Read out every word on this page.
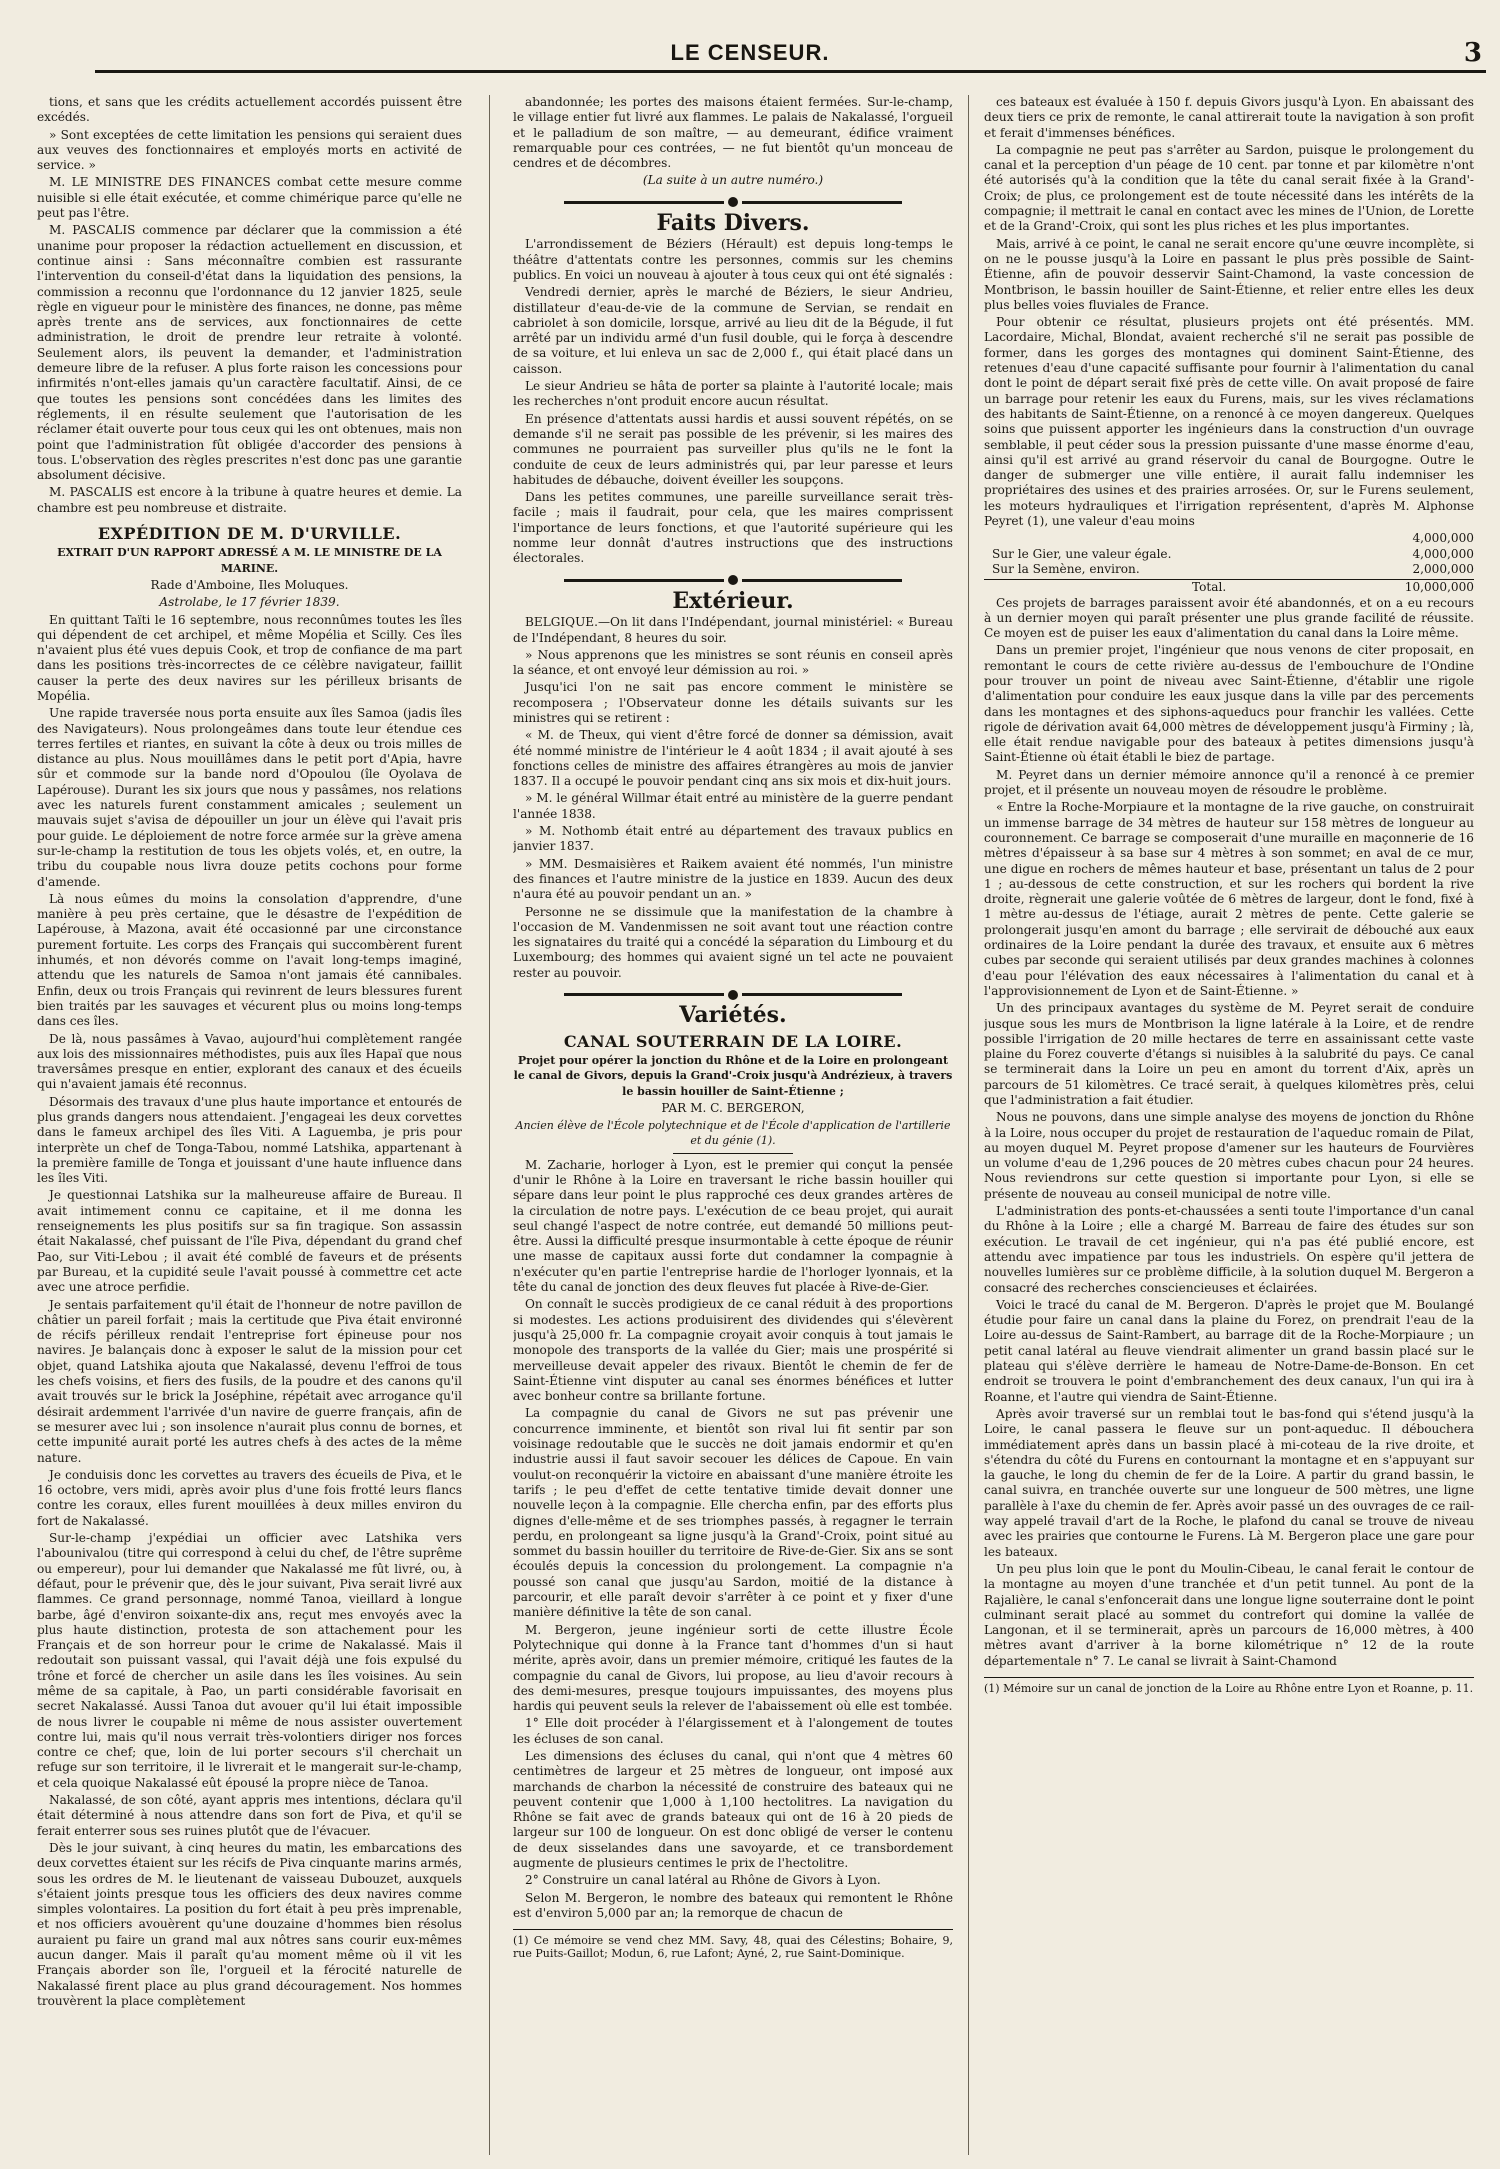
LE CENSEUR.	3

tions, et sans que les crédits actuellement accordés puissent être excédés.

» Sont exceptées de cette limitation les pensions qui seraient dues aux veuves des fonctionnaires et employés morts en activité de service. »

M. LE MINISTRE DES FINANCES combat cette mesure comme nuisible si elle était exécutée, et comme chimérique parce qu'elle ne peut pas l'être.

M. PASCALIS commence par déclarer que la commission a été unanime pour proposer la rédaction actuellement en discussion, et continue ainsi : Sans méconnaître combien est rassurante l'intervention du conseil-d'état dans la liquidation des pensions, la commission a reconnu que l'ordonnance du 12 janvier 1825, seule règle en vigueur pour le ministère des finances, ne donne, pas même après trente ans de services, aux fonctionnaires de cette administration, le droit de prendre leur retraite à volonté. Seulement alors, ils peuvent la demander, et l'administration demeure libre de la refuser. A plus forte raison les concessions pour infirmités n'ont-elles jamais qu'un caractère facultatif. Ainsi, de ce que toutes les pensions sont concédées dans les limites des réglements, il en résulte seulement que l'autorisation de les réclamer était ouverte pour tous ceux qui les ont obtenues, mais non point que l'administration fût obligée d'accorder des pensions à tous. L'observation des règles prescrites n'est donc pas une garantie absolument décisive.

M. PASCALIS est encore à la tribune à quatre heures et demie. La chambre est peu nombreuse et distraite.

EXPÉDITION DE M. D'URVILLE.
EXTRAIT D'UN RAPPORT ADRESSÉ A M. LE MINISTRE DE LA MARINE.

Rade d'Amboine, Iles Moluques.

Astrolabe, le 17 février 1839.

En quittant Taïti le 16 septembre, nous reconnûmes toutes les îles qui dépendent de cet archipel, et même Mopélia et Scilly. Ces îles n'avaient plus été vues depuis Cook, et trop de confiance de ma part dans les positions très-incorrectes de ce célèbre navigateur, faillit causer la perte des deux navires sur les périlleux brisants de Mopélia.

Une rapide traversée nous porta ensuite aux îles Samoa (jadis îles des Navigateurs). Nous prolongeâmes dans toute leur étendue ces terres fertiles et riantes, en suivant la côte à deux ou trois milles de distance au plus. Nous mouillâmes dans le petit port d'Apia, havre sûr et commode sur la bande nord d'Opoulou (île Oyolava de Lapérouse). Durant les six jours que nous y passâmes, nos relations avec les naturels furent constamment amicales ; seulement un mauvais sujet s'avisa de dépouiller un jour un élève qui l'avait pris pour guide. Le déploiement de notre force armée sur la grève amena sur-le-champ la restitution de tous les objets volés, et, en outre, la tribu du coupable nous livra douze petits cochons pour forme d'amende.

Là nous eûmes du moins la consolation d'apprendre, d'une manière à peu près certaine, que le désastre de l'expédition de Lapérouse, à Mazona, avait été occasionné par une circonstance purement fortuite. Les corps des Français qui succombèrent furent inhumés, et non dévorés comme on l'avait long-temps imaginé, attendu que les naturels de Samoa n'ont jamais été cannibales. Enfin, deux ou trois Français qui revinrent de leurs blessures furent bien traités par les sauvages et vécurent plus ou moins long-temps dans ces îles.

De là, nous passâmes à Vavao, aujourd'hui complètement rangée aux lois des missionnaires méthodistes, puis aux îles Hapaï que nous traversâmes presque en entier, explorant des canaux et des écueils qui n'avaient jamais été reconnus.

Désormais des travaux d'une plus haute importance et entourés de plus grands dangers nous attendaient. J'engageai les deux corvettes dans le fameux archipel des îles Viti. A Laguemba, je pris pour interprète un chef de Tonga-Tabou, nommé Latshika, appartenant à la première famille de Tonga et jouissant d'une haute influence dans les îles Viti.

Je questionnai Latshika sur la malheureuse affaire de Bureau. Il avait intimement connu ce capitaine, et il me donna les renseignements les plus positifs sur sa fin tragique. Son assassin était Nakalassé, chef puissant de l'île Piva, dépendant du grand chef Pao, sur Viti-Lebou ; il avait été comblé de faveurs et de présents par Bureau, et la cupidité seule l'avait poussé à commettre cet acte avec une atroce perfidie.

Je sentais parfaitement qu'il était de l'honneur de notre pavillon de châtier un pareil forfait ; mais la certitude que Piva était environné de récifs périlleux rendait l'entreprise fort épineuse pour nos navires. Je balançais donc à exposer le salut de la mission pour cet objet, quand Latshika ajouta que Nakalassé, devenu l'effroi de tous les chefs voisins, et fiers des fusils, de la poudre et des canons qu'il avait trouvés sur le brick la Joséphine, répétait avec arrogance qu'il désirait ardemment l'arrivée d'un navire de guerre français, afin de se mesurer avec lui ; son insolence n'aurait plus connu de bornes, et cette impunité aurait porté les autres chefs à des actes de la même nature.

Je conduisis donc les corvettes au travers des écueils de Piva, et le 16 octobre, vers midi, après avoir plus d'une fois frotté leurs flancs contre les coraux, elles furent mouillées à deux milles environ du fort de Nakalassé.

Sur-le-champ j'expédiai un officier avec Latshika vers l'abounivalou (titre qui correspond à celui du chef, de l'être suprême ou empereur), pour lui demander que Nakalassé me fût livré, ou, à défaut, pour le prévenir que, dès le jour suivant, Piva serait livré aux flammes. Ce grand personnage, nommé Tanoa, vieillard à longue barbe, âgé d'environ soixante-dix ans, reçut mes envoyés avec la plus haute distinction, protesta de son attachement pour les Français et de son horreur pour le crime de Nakalassé. Mais il redoutait son puissant vassal, qui l'avait déjà une fois expulsé du trône et forcé de chercher un asile dans les îles voisines. Au sein même de sa capitale, à Pao, un parti considérable favorisait en secret Nakalassé. Aussi Tanoa dut avouer qu'il lui était impossible de nous livrer le coupable ni même de nous assister ouvertement contre lui, mais qu'il nous verrait très-volontiers diriger nos forces contre ce chef; que, loin de lui porter secours s'il cherchait un refuge sur son territoire, il le livrerait et le mangerait sur-le-champ, et cela quoique Nakalassé eût épousé la propre nièce de Tanoa.

Nakalassé, de son côté, ayant appris mes intentions, déclara qu'il était déterminé à nous attendre dans son fort de Piva, et qu'il se ferait enterrer sous ses ruines plutôt que de l'évacuer.

Dès le jour suivant, à cinq heures du matin, les embarcations des deux corvettes étaient sur les récifs de Piva cinquante marins armés, sous les ordres de M. le lieutenant de vaisseau Dubouzet, auxquels s'étaient joints presque tous les officiers des deux navires comme simples volontaires. La position du fort était à peu près imprenable, et nos officiers avouèrent qu'une douzaine d'hommes bien résolus auraient pu faire un grand mal aux nôtres sans courir eux-mêmes aucun danger. Mais il paraît qu'au moment même où il vit les Français aborder son île, l'orgueil et la férocité naturelle de Nakalassé firent place au plus grand découragement. Nos hommes trouvèrent la place complètement

abandonnée; les portes des maisons étaient fermées. Sur-le-champ, le village entier fut livré aux flammes. Le palais de Nakalassé, l'orgueil et le palladium de son maître, — au demeurant, édifice vraiment remarquable pour ces contrées, — ne fut bientôt qu'un monceau de cendres et de décombres.

(La suite à un autre numéro.)

Faits Divers.

L'arrondissement de Béziers (Hérault) est depuis long-temps le théâtre d'attentats contre les personnes, commis sur les chemins publics. En voici un nouveau à ajouter à tous ceux qui ont été signalés :

Vendredi dernier, après le marché de Béziers, le sieur Andrieu, distillateur d'eau-de-vie de la commune de Servian, se rendait en cabriolet à son domicile, lorsque, arrivé au lieu dit de la Bégude, il fut arrêté par un individu armé d'un fusil double, qui le força à descendre de sa voiture, et lui enleva un sac de 2,000 f., qui était placé dans un caisson.

Le sieur Andrieu se hâta de porter sa plainte à l'autorité locale; mais les recherches n'ont produit encore aucun résultat.

En présence d'attentats aussi hardis et aussi souvent répétés, on se demande s'il ne serait pas possible de les prévenir, si les maires des communes ne pourraient pas surveiller plus qu'ils ne le font la conduite de ceux de leurs administrés qui, par leur paresse et leurs habitudes de débauche, doivent éveiller les soupçons.

Dans les petites communes, une pareille surveillance serait très-facile ; mais il faudrait, pour cela, que les maires comprissent l'importance de leurs fonctions, et que l'autorité supérieure qui les nomme leur donnât d'autres instructions que des instructions électorales.

Extérieur.

BELGIQUE.—On lit dans l'Indépendant, journal ministériel: « Bureau de l'Indépendant, 8 heures du soir.

» Nous apprenons que les ministres se sont réunis en conseil après la séance, et ont envoyé leur démission au roi. »

Jusqu'ici l'on ne sait pas encore comment le ministère se recomposera ; l'Observateur donne les détails suivants sur les ministres qui se retirent :

« M. de Theux, qui vient d'être forcé de donner sa démission, avait été nommé ministre de l'intérieur le 4 août 1834 ; il avait ajouté à ses fonctions celles de ministre des affaires étrangères au mois de janvier 1837. Il a occupé le pouvoir pendant cinq ans six mois et dix-huit jours.

» M. le général Willmar était entré au ministère de la guerre pendant l'année 1838.

» M. Nothomb était entré au département des travaux publics en janvier 1837.

» MM. Desmaisières et Raikem avaient été nommés, l'un ministre des finances et l'autre ministre de la justice en 1839. Aucun des deux n'aura été au pouvoir pendant un an. »

Personne ne se dissimule que la manifestation de la chambre à l'occasion de M. Vandenmissen ne soit avant tout une réaction contre les signataires du traité qui a concédé la séparation du Limbourg et du Luxembourg; des hommes qui avaient signé un tel acte ne pouvaient rester au pouvoir.

Variétés.
CANAL SOUTERRAIN DE LA LOIRE.
Projet pour opérer la jonction du Rhône et de la Loire en prolongeant le canal de Givors, depuis la Grand'-Croix jusqu'à Andrézieux, à travers le bassin houiller de Saint-Étienne ;

PAR M. C. BERGERON,

Ancien élève de l'École polytechnique et de l'École d'application de l'artillerie et du génie (1).

M. Zacharie, horloger à Lyon, est le premier qui conçut la pensée d'unir le Rhône à la Loire en traversant le riche bassin houiller qui sépare dans leur point le plus rapproché ces deux grandes artères de la circulation de notre pays. L'exécution de ce beau projet, qui aurait seul changé l'aspect de notre contrée, eut demandé 50 millions peut-être. Aussi la difficulté presque insurmontable à cette époque de réunir une masse de capitaux aussi forte dut condamner la compagnie à n'exécuter qu'en partie l'entreprise hardie de l'horloger lyonnais, et la tête du canal de jonction des deux fleuves fut placée à Rive-de-Gier.

On connaît le succès prodigieux de ce canal réduit à des proportions si modestes. Les actions produisirent des dividendes qui s'élevèrent jusqu'à 25,000 fr. La compagnie croyait avoir conquis à tout jamais le monopole des transports de la vallée du Gier; mais une prospérité si merveilleuse devait appeler des rivaux. Bientôt le chemin de fer de Saint-Étienne vint disputer au canal ses énormes bénéfices et lutter avec bonheur contre sa brillante fortune.

La compagnie du canal de Givors ne sut pas prévenir une concurrence imminente, et bientôt son rival lui fit sentir par son voisinage redoutable que le succès ne doit jamais endormir et qu'en industrie aussi il faut savoir secouer les délices de Capoue. En vain voulut-on reconquérir la victoire en abaissant d'une manière étroite les tarifs ; le peu d'effet de cette tentative timide devait donner une nouvelle leçon à la compagnie. Elle chercha enfin, par des efforts plus dignes d'elle-même et de ses triomphes passés, à regagner le terrain perdu, en prolongeant sa ligne jusqu'à la Grand'-Croix, point situé au sommet du bassin houiller du territoire de Rive-de-Gier. Six ans se sont écoulés depuis la concession du prolongement. La compagnie n'a poussé son canal que jusqu'au Sardon, moitié de la distance à parcourir, et elle paraît devoir s'arrêter à ce point et y fixer d'une manière définitive la tête de son canal.

M. Bergeron, jeune ingénieur sorti de cette illustre École Polytechnique qui donne à la France tant d'hommes d'un si haut mérite, après avoir, dans un premier mémoire, critiqué les fautes de la compagnie du canal de Givors, lui propose, au lieu d'avoir recours à des demi-mesures, presque toujours impuissantes, des moyens plus hardis qui peuvent seuls la relever de l'abaissement où elle est tombée.

1° Elle doit procéder à l'élargissement et à l'alongement de toutes les écluses de son canal.

Les dimensions des écluses du canal, qui n'ont que 4 mètres 60 centimètres de largeur et 25 mètres de longueur, ont imposé aux marchands de charbon la nécessité de construire des bateaux qui ne peuvent contenir que 1,000 à 1,100 hectolitres. La navigation du Rhône se fait avec de grands bateaux qui ont de 16 à 20 pieds de largeur sur 100 de longueur. On est donc obligé de verser le contenu de deux sisselandes dans une savoyarde, et ce transbordement augmente de plusieurs centimes le prix de l'hectolitre.

2° Construire un canal latéral au Rhône de Givors à Lyon.

Selon M. Bergeron, le nombre des bateaux qui remontent le Rhône est d'environ 5,000 par an; la remorque de chacun de

(1) Ce mémoire se vend chez MM. Savy, 48, quai des Célestins; Bohaire, 9, rue Puits-Gaillot; Modun, 6, rue Lafont; Ayné, 2, rue Saint-Dominique.

ces bateaux est évaluée à 150 f. depuis Givors jusqu'à Lyon. En abaissant des deux tiers ce prix de remonte, le canal attirerait toute la navigation à son profit et ferait d'immenses bénéfices.

La compagnie ne peut pas s'arrêter au Sardon, puisque le prolongement du canal et la perception d'un péage de 10 cent. par tonne et par kilomètre n'ont été autorisés qu'à la condition que la tête du canal serait fixée à la Grand'-Croix; de plus, ce prolongement est de toute nécessité dans les intérêts de la compagnie; il mettrait le canal en contact avec les mines de l'Union, de Lorette et de la Grand'-Croix, qui sont les plus riches et les plus importantes.

Mais, arrivé à ce point, le canal ne serait encore qu'une œuvre incomplète, si on ne le pousse jusqu'à la Loire en passant le plus près possible de Saint-Étienne, afin de pouvoir desservir Saint-Chamond, la vaste concession de Montbrison, le bassin houiller de Saint-Étienne, et relier entre elles les deux plus belles voies fluviales de France.

Pour obtenir ce résultat, plusieurs projets ont été présentés. MM. Lacordaire, Michal, Blondat, avaient recherché s'il ne serait pas possible de former, dans les gorges des montagnes qui dominent Saint-Étienne, des retenues d'eau d'une capacité suffisante pour fournir à l'alimentation du canal dont le point de départ serait fixé près de cette ville. On avait proposé de faire un barrage pour retenir les eaux du Furens, mais, sur les vives réclamations des habitants de Saint-Étienne, on a renoncé à ce moyen dangereux. Quelques soins que puissent apporter les ingénieurs dans la construction d'un ouvrage semblable, il peut céder sous la pression puissante d'une masse énorme d'eau, ainsi qu'il est arrivé au grand réservoir du canal de Bourgogne. Outre le danger de submerger une ville entière, il aurait fallu indemniser les propriétaires des usines et des prairies arrosées. Or, sur le Furens seulement, les moteurs hydrauliques et l'irrigation représentent, d'après M. Alphonse Peyret (1), une valeur d'eau moins

4,000,000
Sur le Gier, une valeur égale.	4,000,000
Sur la Semène, environ.	2,000,000
Total.	10,000,000

Ces projets de barrages paraissent avoir été abandonnés, et on a eu recours à un dernier moyen qui paraît présenter une plus grande facilité de réussite. Ce moyen est de puiser les eaux d'alimentation du canal dans la Loire même.

Dans un premier projet, l'ingénieur que nous venons de citer proposait, en remontant le cours de cette rivière au-dessus de l'embouchure de l'Ondine pour trouver un point de niveau avec Saint-Étienne, d'établir une rigole d'alimentation pour conduire les eaux jusque dans la ville par des percements dans les montagnes et des siphons-aqueducs pour franchir les vallées. Cette rigole de dérivation avait 64,000 mètres de développement jusqu'à Firminy ; là, elle était rendue navigable pour des bateaux à petites dimensions jusqu'à Saint-Étienne où était établi le biez de partage.

M. Peyret dans un dernier mémoire annonce qu'il a renoncé à ce premier projet, et il présente un nouveau moyen de résoudre le problème.

« Entre la Roche-Morpiaure et la montagne de la rive gauche, on construirait un immense barrage de 34 mètres de hauteur sur 158 mètres de longueur au couronnement. Ce barrage se composerait d'une muraille en maçonnerie de 16 mètres d'épaisseur à sa base sur 4 mètres à son sommet; en aval de ce mur, une digue en rochers de mêmes hauteur et base, présentant un talus de 2 pour 1 ; au-dessous de cette construction, et sur les rochers qui bordent la rive droite, règnerait une galerie voûtée de 6 mètres de largeur, dont le fond, fixé à 1 mètre au-dessus de l'étiage, aurait 2 mètres de pente. Cette galerie se prolongerait jusqu'en amont du barrage ; elle servirait de débouché aux eaux ordinaires de la Loire pendant la durée des travaux, et ensuite aux 6 mètres cubes par seconde qui seraient utilisés par deux grandes machines à colonnes d'eau pour l'élévation des eaux nécessaires à l'alimentation du canal et à l'approvisionnement de Lyon et de Saint-Étienne. »

Un des principaux avantages du système de M. Peyret serait de conduire jusque sous les murs de Montbrison la ligne latérale à la Loire, et de rendre possible l'irrigation de 20 mille hectares de terre en assainissant cette vaste plaine du Forez couverte d'étangs si nuisibles à la salubrité du pays. Ce canal se terminerait dans la Loire un peu en amont du torrent d'Aix, après un parcours de 51 kilomètres. Ce tracé serait, à quelques kilomètres près, celui que l'administration a fait étudier.

Nous ne pouvons, dans une simple analyse des moyens de jonction du Rhône à la Loire, nous occuper du projet de restauration de l'aqueduc romain de Pilat, au moyen duquel M. Peyret propose d'amener sur les hauteurs de Fourvières un volume d'eau de 1,296 pouces de 20 mètres cubes chacun pour 24 heures. Nous reviendrons sur cette question si importante pour Lyon, si elle se présente de nouveau au conseil municipal de notre ville.

L'administration des ponts-et-chaussées a senti toute l'importance d'un canal du Rhône à la Loire ; elle a chargé M. Barreau de faire des études sur son exécution. Le travail de cet ingénieur, qui n'a pas été publié encore, est attendu avec impatience par tous les industriels. On espère qu'il jettera de nouvelles lumières sur ce problème difficile, à la solution duquel M. Bergeron a consacré des recherches consciencieuses et éclairées.

Voici le tracé du canal de M. Bergeron. D'après le projet que M. Boulangé étudie pour faire un canal dans la plaine du Forez, on prendrait l'eau de la Loire au-dessus de Saint-Rambert, au barrage dit de la Roche-Morpiaure ; un petit canal latéral au fleuve viendrait alimenter un grand bassin placé sur le plateau qui s'élève derrière le hameau de Notre-Dame-de-Bonson. En cet endroit se trouvera le point d'embranchement des deux canaux, l'un qui ira à Roanne, et l'autre qui viendra de Saint-Étienne.

Après avoir traversé sur un remblai tout le bas-fond qui s'étend jusqu'à la Loire, le canal passera le fleuve sur un pont-aqueduc. Il débouchera immédiatement après dans un bassin placé à mi-coteau de la rive droite, et s'étendra du côté du Furens en contournant la montagne et en s'appuyant sur la gauche, le long du chemin de fer de la Loire. A partir du grand bassin, le canal suivra, en tranchée ouverte sur une longueur de 500 mètres, une ligne parallèle à l'axe du chemin de fer. Après avoir passé un des ouvrages de ce rail-way appelé travail d'art de la Roche, le plafond du canal se trouve de niveau avec les prairies que contourne le Furens. Là M. Bergeron place une gare pour les bateaux.

Un peu plus loin que le pont du Moulin-Cibeau, le canal ferait le contour de la montagne au moyen d'une tranchée et d'un petit tunnel. Au pont de la Rajalière, le canal s'enfoncerait dans une longue ligne souterraine dont le point culminant serait placé au sommet du contrefort qui domine la vallée de Langonan, et il se terminerait, après un parcours de 16,000 mètres, à 400 mètres avant d'arriver à la borne kilométrique n° 12 de la route départementale n° 7. Le canal se livrait à Saint-Chamond

(1) Mémoire sur un canal de jonction de la Loire au Rhône entre Lyon et Roanne, p. 11.
